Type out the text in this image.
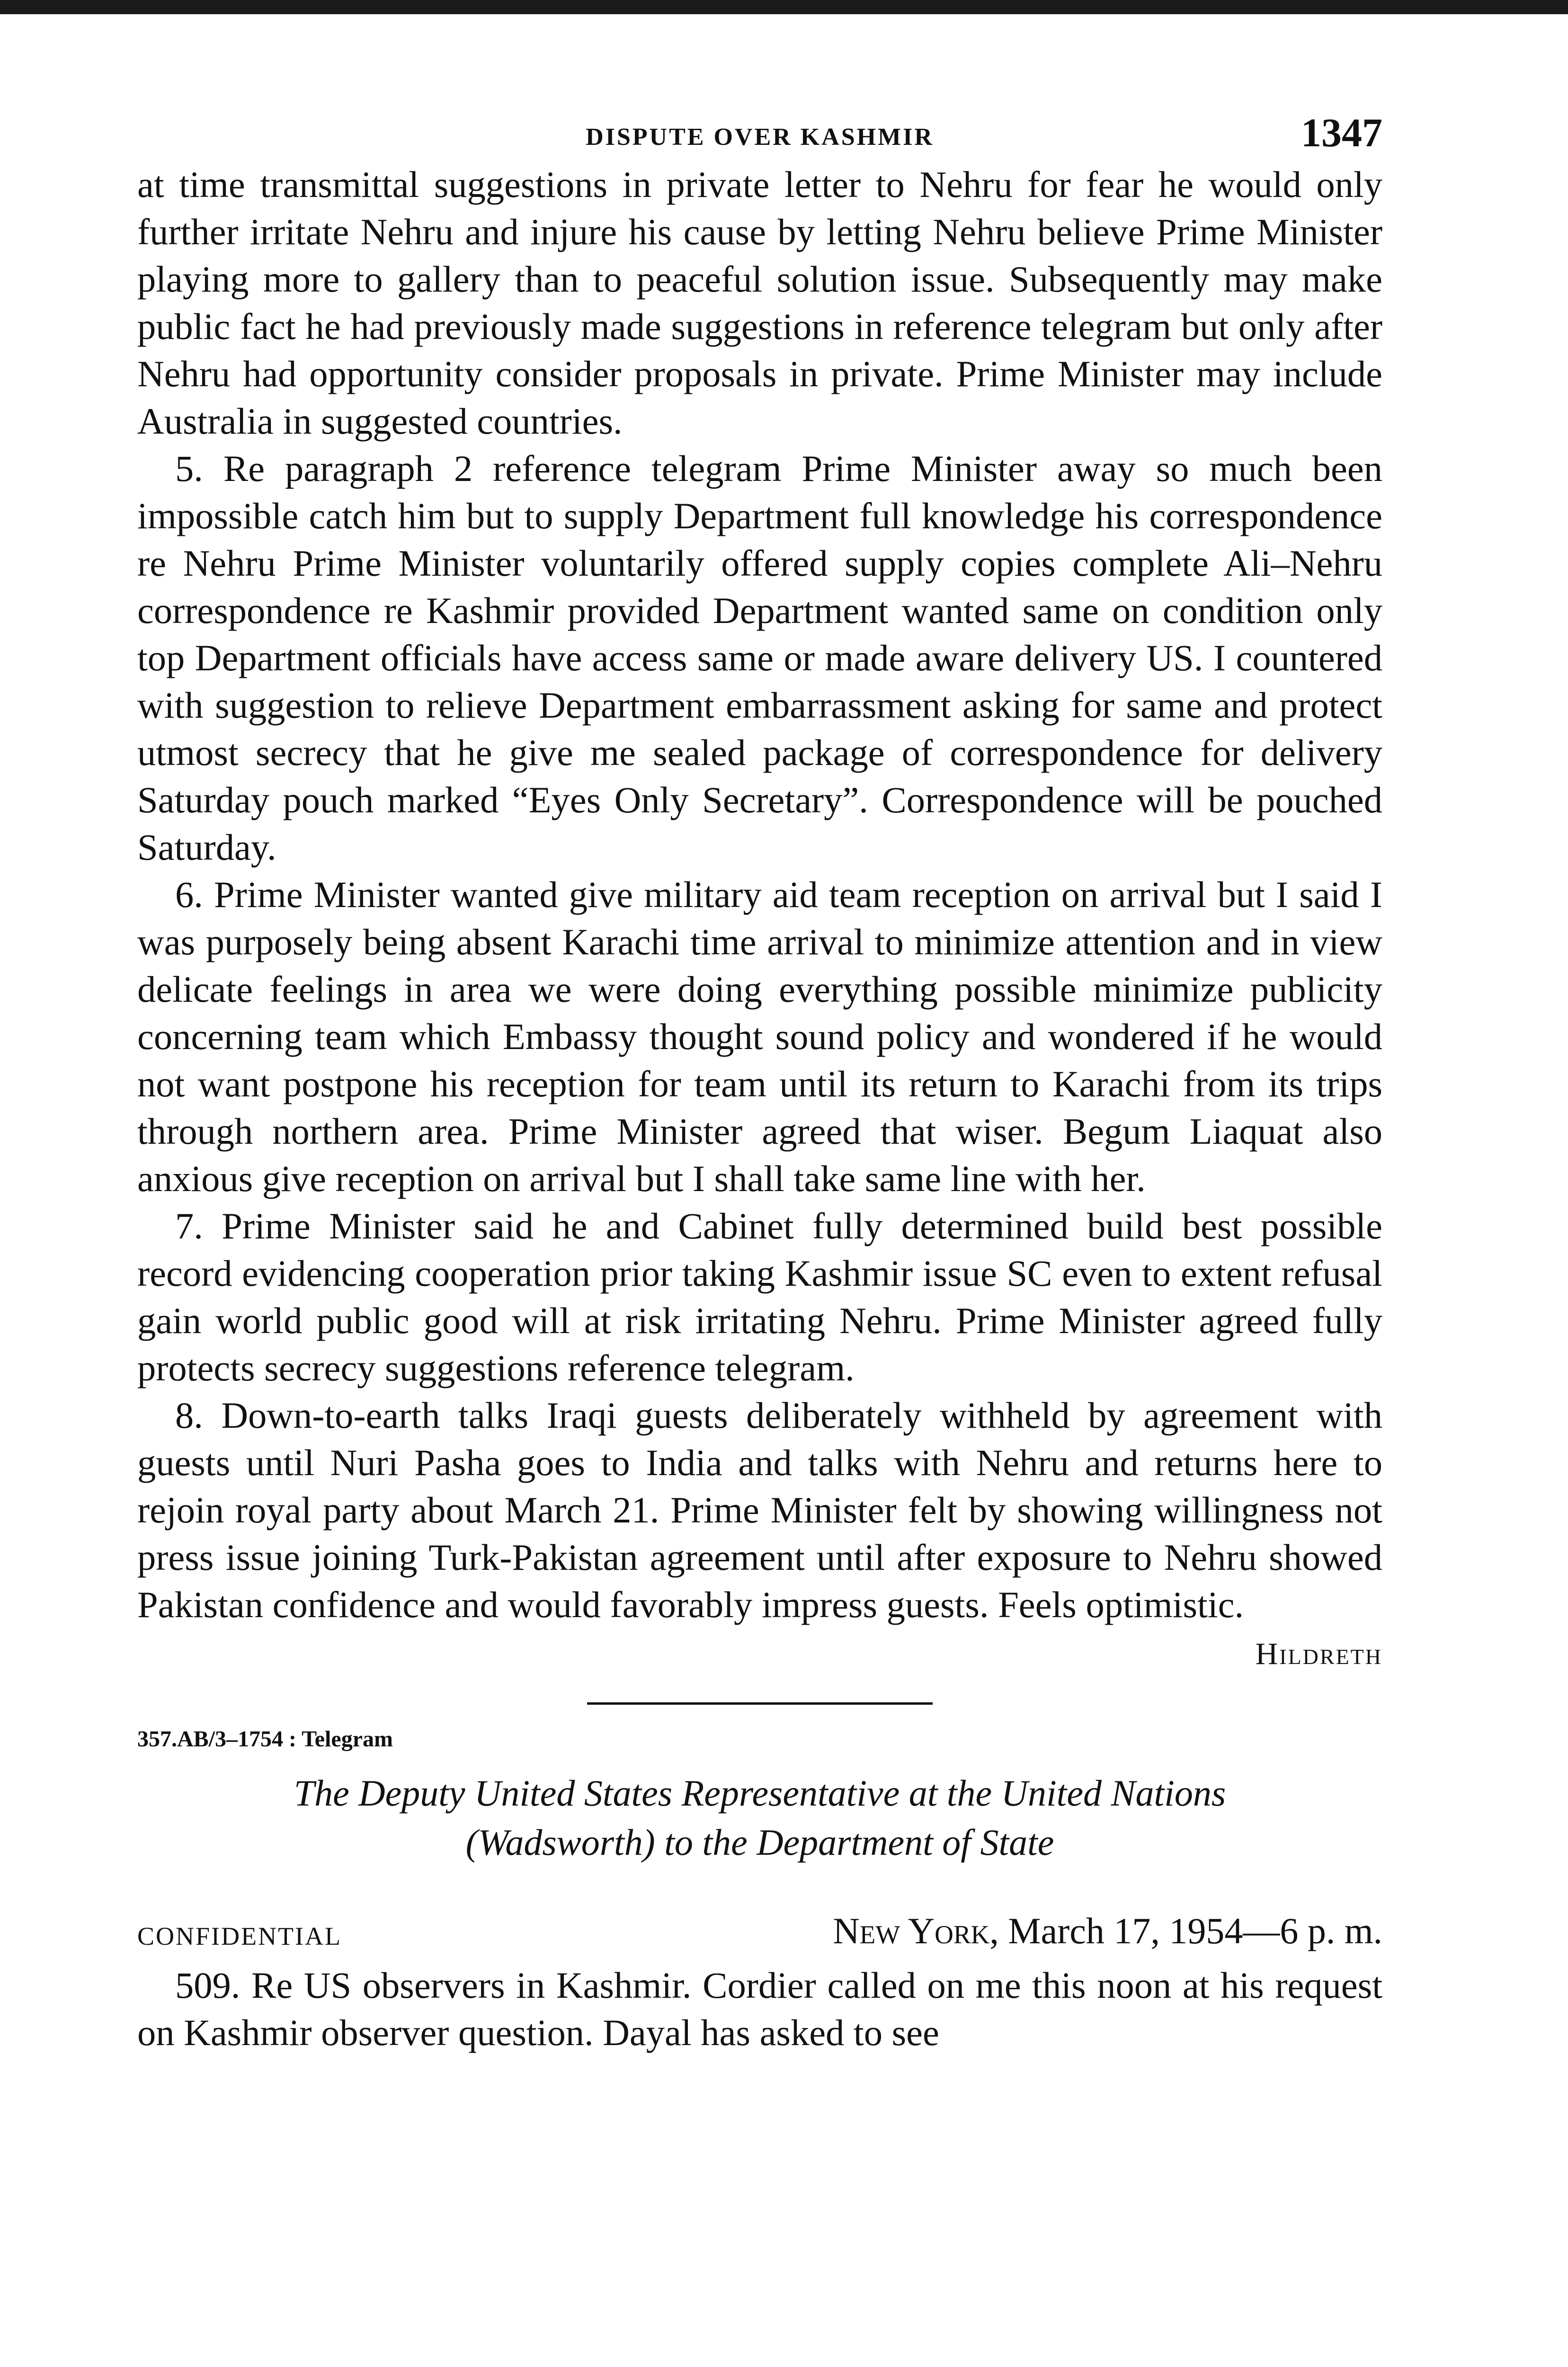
DISPUTE OVER KASHMIR	1347

at time transmittal suggestions in private letter to Nehru for fear he would only further irritate Nehru and injure his cause by letting Nehru believe Prime Minister playing more to gallery than to peaceful solution issue. Subsequently may make public fact he had previously made suggestions in reference telegram but only after Nehru had opportunity consider proposals in private. Prime Minister may include Australia in suggested countries.

5. Re paragraph 2 reference telegram Prime Minister away so much been impossible catch him but to supply Department full knowledge his correspondence re Nehru Prime Minister voluntarily offered supply copies complete Ali–Nehru correspondence re Kashmir provided Department wanted same on condition only top Department officials have access same or made aware delivery US. I countered with suggestion to relieve Department embarrassment asking for same and protect utmost secrecy that he give me sealed package of correspondence for delivery Saturday pouch marked “Eyes Only Secretary”. Correspondence will be pouched Saturday.

6. Prime Minister wanted give military aid team reception on arrival but I said I was purposely being absent Karachi time arrival to minimize attention and in view delicate feelings in area we were doing everything possible minimize publicity concerning team which Embassy thought sound policy and wondered if he would not want postpone his reception for team until its return to Karachi from its trips through northern area. Prime Minister agreed that wiser. Begum Liaquat also anxious give reception on arrival but I shall take same line with her.

7. Prime Minister said he and Cabinet fully determined build best possible record evidencing cooperation prior taking Kashmir issue SC even to extent refusal gain world public good will at risk irritating Nehru. Prime Minister agreed fully protects secrecy suggestions reference telegram.

8. Down-to-earth talks Iraqi guests deliberately withheld by agreement with guests until Nuri Pasha goes to India and talks with Nehru and returns here to rejoin royal party about March 21. Prime Minister felt by showing willingness not press issue joining Turk-Pakistan agreement until after exposure to Nehru showed Pakistan confidence and would favorably impress guests. Feels optimistic.

Hildreth
357.AB/3–1754 : Telegram
The Deputy United States Representative at the United Nations
(Wadsworth) to the Department of State
CONFIDENTIAL	New York, March 17, 1954—6 p. m.

509. Re US observers in Kashmir. Cordier called on me this noon at his request on Kashmir observer question. Dayal has asked to see
